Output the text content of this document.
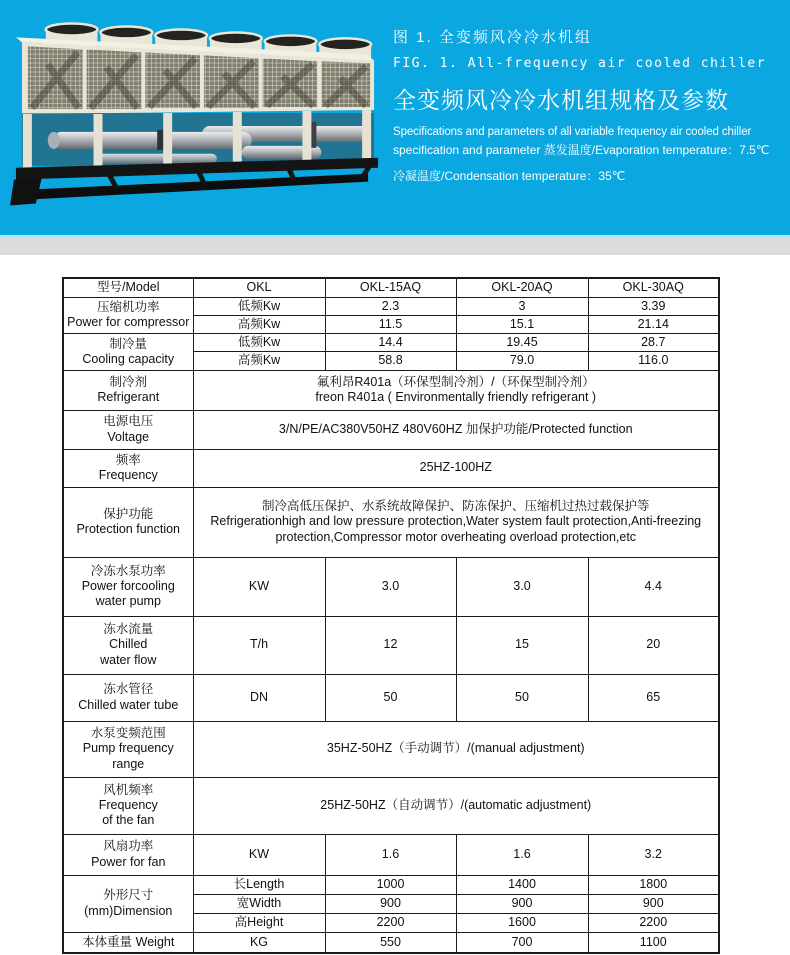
图 1. 全变频风冷冷水机组
FIG. 1. All-frequency air cooled chiller
全变频风冷冷水机组规格及参数
Specifications and parameters of all variable frequency air cooled chiller
specification and parameter 蒸发温度/Evaporation temperature：7.5℃
冷凝温度/Condensation temperature：35℃
型号/Model	OKL	OKL-15AQ	OKL-20AQ	OKL-30AQ

压缩机功率
Power for compressor	低频Kw	2.3	3	3.39
	高频Kw	11.5	15.1	21.14

制冷量
Cooling capacity	低频Kw	14.4	19.45	28.7
	高频Kw	58.8	79.0	116.0

制冷剂
Refrigerant	氟利昂R401a（环保型制冷剂）/（环保型制冷剂）
freon R401a ( Environmentally friendly refrigerant )			

电源电压
Voltage	3/N/PE/AC380V50HZ 480V60HZ 加保护功能/Protected function			

频率
Frequency	25HZ-100HZ			

保护功能
Protection function	制冷高低压保护、水系统故障保护、防冻保护、压缩机过热过载保护等
Refrigerationhigh and low pressure protection,Water system fault protection,Anti-freezing protection,Compressor motor overheating overload protection,etc			

冷冻水泵功率
Power forcooling
water pump	KW	3.0	3.0	4.4

冻水流量
Chilled
water flow	T/h	12	15	20

冻水管径
Chilled water tube	DN	50	50	65

水泵变频范围
Pump frequency
range	35HZ-50HZ（手动调节）/(manual adjustment)			

风机频率
Frequency
of the fan	25HZ-50HZ（自动调节）/(automatic adjustment)			

风扇功率
Power for fan	KW	1.6	1.6	3.2

外形尺寸
(mm)Dimension	长Length	1000	1400	1800
	宽Width	900	900	900
	高Height	2200	1600	2200
本体重量 Weight	KG	550	700	1100
